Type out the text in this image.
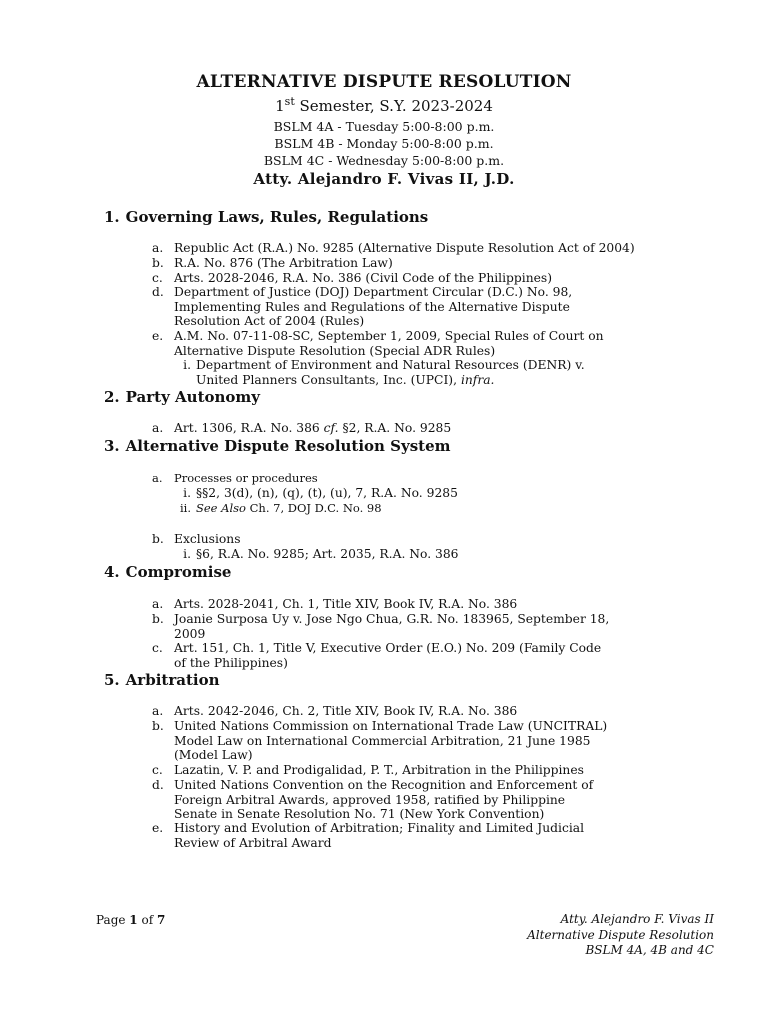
ALTERNATIVE DISPUTE RESOLUTION
1st Semester, S.Y. 2023-2024
BSLM 4A - Tuesday 5:00-8:00 p.m.
BSLM 4B - Monday 5:00-8:00 p.m.
BSLM 4C - Wednesday 5:00-8:00 p.m.
Atty. Alejandro F. Vivas II, J.D.
1. Governing Laws, Rules, Regulations
a. Republic Act (R.A.) No. 9285 (Alternative Dispute Resolution Act of 2004)
b. R.A. No. 876 (The Arbitration Law)
c. Arts. 2028-2046, R.A. No. 386 (Civil Code of the Philippines)
d. Department of Justice (DOJ) Department Circular (D.C.) No. 98,
Implementing Rules and Regulations of the Alternative Dispute
Resolution Act of 2004 (Rules)
e. A.M. No. 07-11-08-SC, September 1, 2009, Special Rules of Court on
Alternative Dispute Resolution (Special ADR Rules)
i. Department of Environment and Natural Resources (DENR) v.
United Planners Consultants, Inc. (UPCI), infra.
2. Party Autonomy
a. Art. 1306, R.A. No. 386 cf. §2, R.A. No. 9285
3. Alternative Dispute Resolution System
a. Processes or procedures
i. §§2, 3(d), (n), (q), (t), (u), 7, R.A. No. 9285
ii. See Also Ch. 7, DOJ D.C. No. 98
b. Exclusions
i. §6, R.A. No. 9285; Art. 2035, R.A. No. 386
4. Compromise
a. Arts. 2028-2041, Ch. 1, Title XIV, Book IV, R.A. No. 386
b. Joanie Surposa Uy v. Jose Ngo Chua, G.R. No. 183965, September 18,
2009
c. Art. 151, Ch. 1, Title V, Executive Order (E.O.) No. 209 (Family Code
of the Philippines)
5. Arbitration
a. Arts. 2042-2046, Ch. 2, Title XIV, Book IV, R.A. No. 386
b. United Nations Commission on International Trade Law (UNCITRAL)
Model Law on International Commercial Arbitration, 21 June 1985
(Model Law)
c. Lazatin, V. P. and Prodigalidad, P. T., Arbitration in the Philippines
d. United Nations Convention on the Recognition and Enforcement of
Foreign Arbitral Awards, approved 1958, ratified by Philippine
Senate in Senate Resolution No. 71 (New York Convention)
e. History and Evolution of Arbitration; Finality and Limited Judicial
Review of Arbitral Award
Page 1 of 7	Atty. Alejandro F. Vivas II
Alternative Dispute Resolution
BSLM 4A, 4B and 4C
